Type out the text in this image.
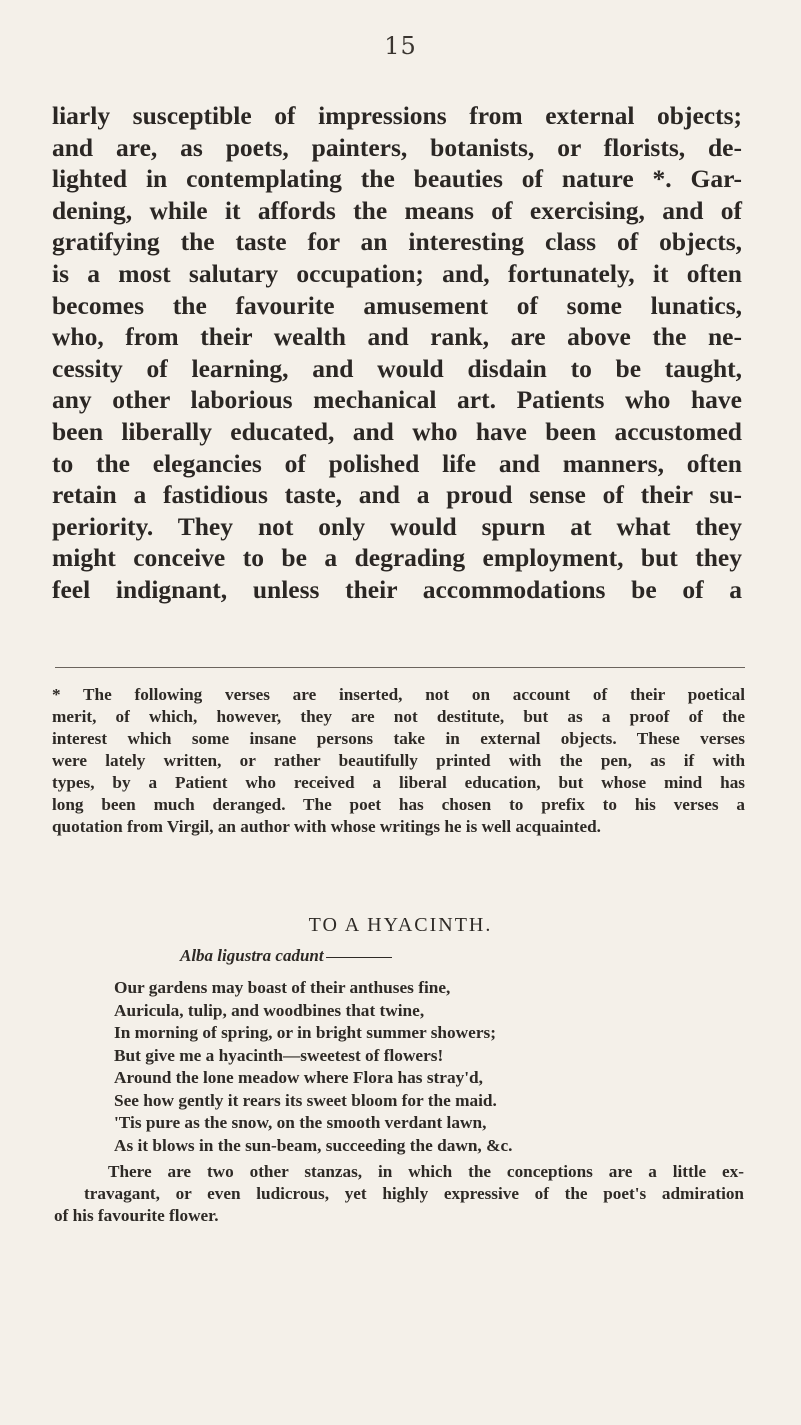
15

liarly susceptible of impressions from external objects;
and are, as poets, painters, botanists, or florists, de-
lighted in contemplating the beauties of nature *. Gar-
dening, while it affords the means of exercising, and of
gratifying the taste for an interesting class of objects,
is a most salutary occupation; and, fortunately, it often
becomes the favourite amusement of some lunatics,
who, from their wealth and rank, are above the ne-
cessity of learning, and would disdain to be taught,
any other laborious mechanical art. Patients who have
been liberally educated, and who have been accustomed
to the elegancies of polished life and manners, often
retain a fastidious taste, and a proud sense of their su-
periority. They not only would spurn at what they
might conceive to be a degrading employment, but they
feel indignant, unless their accommodations be of a

* The following verses are inserted, not on account of their poetical
merit, of which, however, they are not destitute, but as a proof of the
interest which some insane persons take in external objects. These verses
were lately written, or rather beautifully printed with the pen, as if with
types, by a Patient who received a liberal education, but whose mind has
long been much deranged. The poet has chosen to prefix to his verses a
quotation from Virgil, an author with whose writings he is well acquainted.

TO A HYACINTH.
Alba ligustra cadunt

Our gardens may boast of their anthuses fine,
Auricula, tulip, and woodbines that twine,
In morning of spring, or in bright summer showers;
But give me a hyacinth—sweetest of flowers!
Around the lone meadow where Flora has stray'd,
See how gently it rears its sweet bloom for the maid.
'Tis pure as the snow, on the smooth verdant lawn,
As it blows in the sun-beam, succeeding the dawn, &c.

There are two other stanzas, in which the conceptions are a little ex-
travagant, or even ludicrous, yet highly expressive of the poet's admiration
of his favourite flower.
